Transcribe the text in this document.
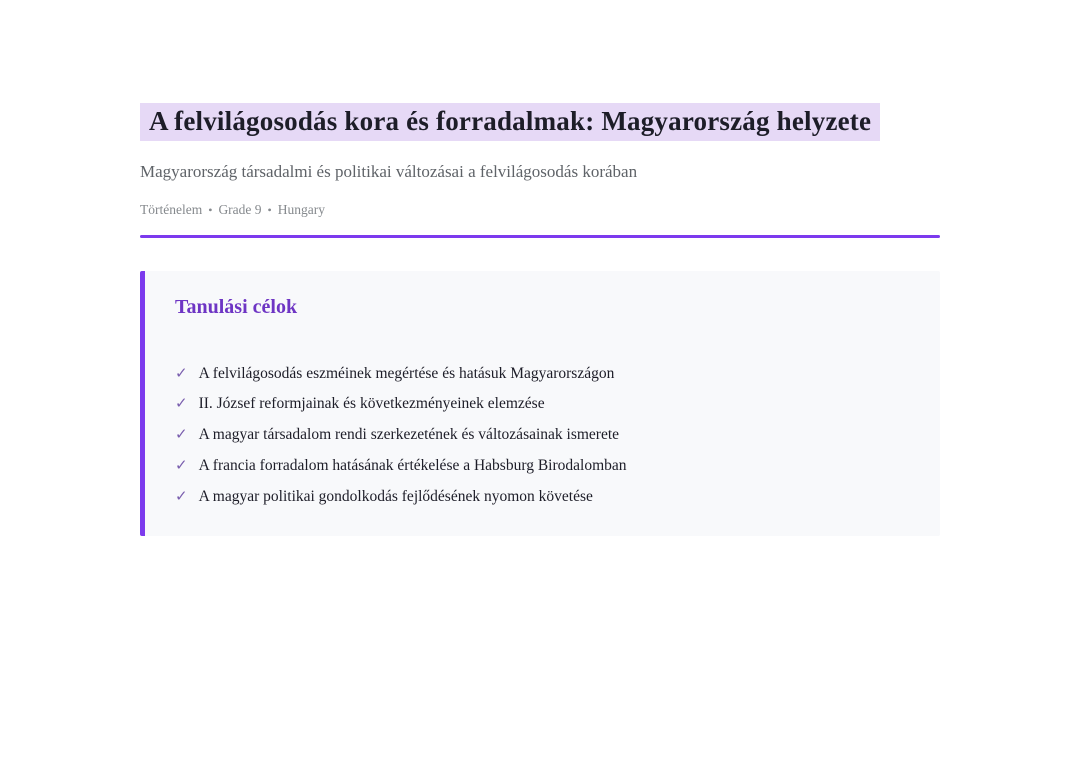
A felvilágosodás kora és forradalmak: Magyarország helyzete

Magyarország társadalmi és politikai változásai a felvilágosodás korában

Történelem • Grade 9 • Hungary

Tanulási célok
✓ A felvilágosodás eszméinek megértése és hatásuk Magyarországon
✓ II. József reformjainak és következményeinek elemzése
✓ A magyar társadalom rendi szerkezetének és változásainak ismerete
✓ A francia forradalom hatásának értékelése a Habsburg Birodalomban
✓ A magyar politikai gondolkodás fejlődésének nyomon követése
